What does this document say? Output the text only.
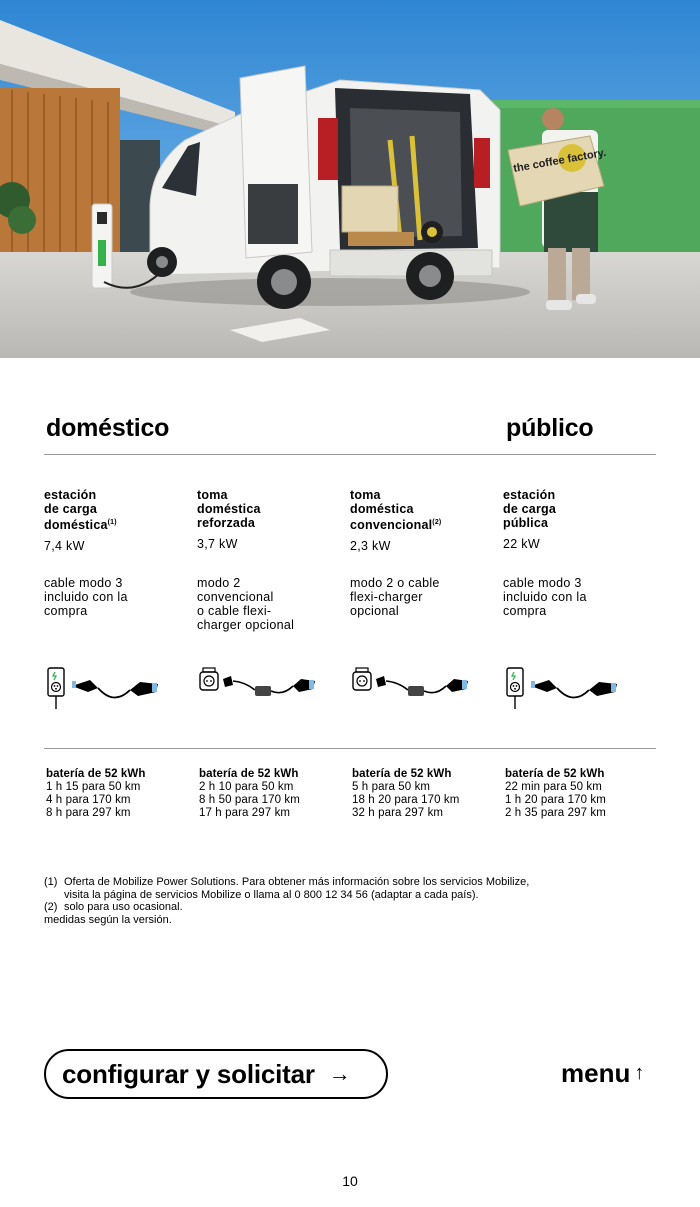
the coffee factory.
doméstico	público
estación
de carga
doméstica$^{(1)}$
7,4 kW
cable modo 3
incluido con la
compra
toma
doméstica
reforzada
3,7 kW
modo 2
convencional
o cable flexi-
charger opcional
toma
doméstica
convencional$^{(2)}$
2,3 kW
modo 2 o cable
flexi-charger
opcional
estación
de carga
pública
22 kW
cable modo 3
incluido con la
compra
batería de 52 kWh
1 h 15 para 50 km
4 h para 170 km
8 h para 297 km
batería de 52 kWh
2 h 10 para 50 km
8 h 50 para 170 km
17 h para 297 km
batería de 52 kWh
5 h para 50 km
18 h 20 para 170 km
32 h para 297 km
batería de 52 kWh
22 min para 50 km
1 h 20 para 170 km
2 h 35 para 297 km
(1) Oferta de Mobilize Power Solutions. Para obtener más información sobre los servicios Mobilize,
visita la página de servicios Mobilize o llama al 0 800 12 34 56 (adaptar a cada país).
(2) solo para uso ocasional.
medidas según la versión.
configurar y solicitar →	menu ↑
10
